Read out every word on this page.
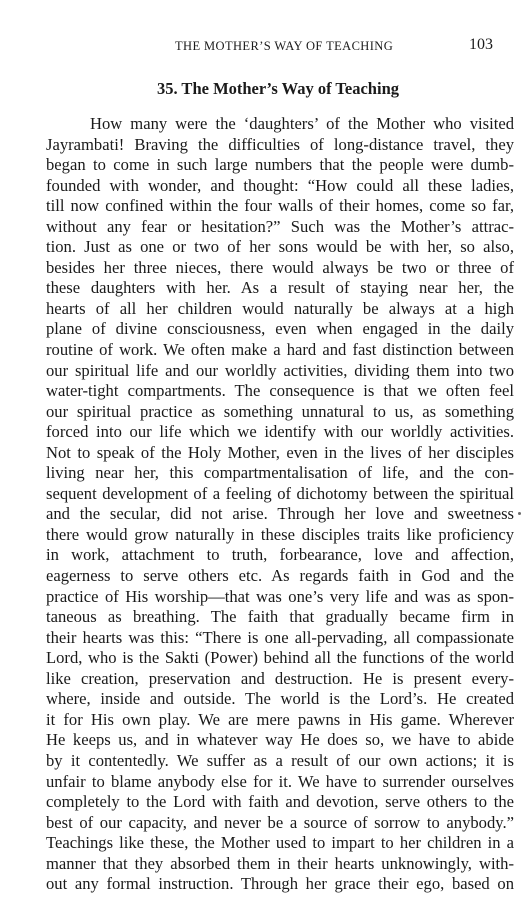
THE MOTHER’S WAY OF TEACHING	103
35. The Mother’s Way of Teaching
How many were the ‘daughters’ of the Mother who visited
Jayrambati! Braving the difficulties of long-distance travel, they
began to come in such large numbers that the people were dumb-
founded with wonder, and thought: “How could all these ladies,
till now confined within the four walls of their homes, come so far,
without any fear or hesitation?” Such was the Mother’s attrac-
tion. Just as one or two of her sons would be with her, so also,
besides her three nieces, there would always be two or three of
these daughters with her. As a result of staying near her, the
hearts of all her children would naturally be always at a high
plane of divine consciousness, even when engaged in the daily
routine of work. We often make a hard and fast distinction between
our spiritual life and our worldly activities, dividing them into two
water-tight compartments. The consequence is that we often feel
our spiritual practice as something unnatural to us, as something
forced into our life which we identify with our worldly activities.
Not to speak of the Holy Mother, even in the lives of her disciples
living near her, this compartmentalisation of life, and the con-
sequent development of a feeling of dichotomy between the spiritual
and the secular, did not arise. Through her love and sweetness
there would grow naturally in these disciples traits like proficiency
in work, attachment to truth, forbearance, love and affection,
eagerness to serve others etc. As regards faith in God and the
practice of His worship—that was one’s very life and was as spon-
taneous as breathing. The faith that gradually became firm in
their hearts was this: “There is one all-pervading, all compassionate
Lord, who is the Sakti (Power) behind all the functions of the world
like creation, preservation and destruction. He is present every-
where, inside and outside. The world is the Lord’s. He created
it for His own play. We are mere pawns in His game. Wherever
He keeps us, and in whatever way He does so, we have to abide
by it contentedly. We suffer as a result of our own actions; it is
unfair to blame anybody else for it. We have to surrender ourselves
completely to the Lord with faith and devotion, serve others to the
best of our capacity, and never be a source of sorrow to anybody.”
Teachings like these, the Mother used to impart to her children in a
manner that they absorbed them in their hearts unknowingly, with-
out any formal instruction. Through her grace their ego, based on
